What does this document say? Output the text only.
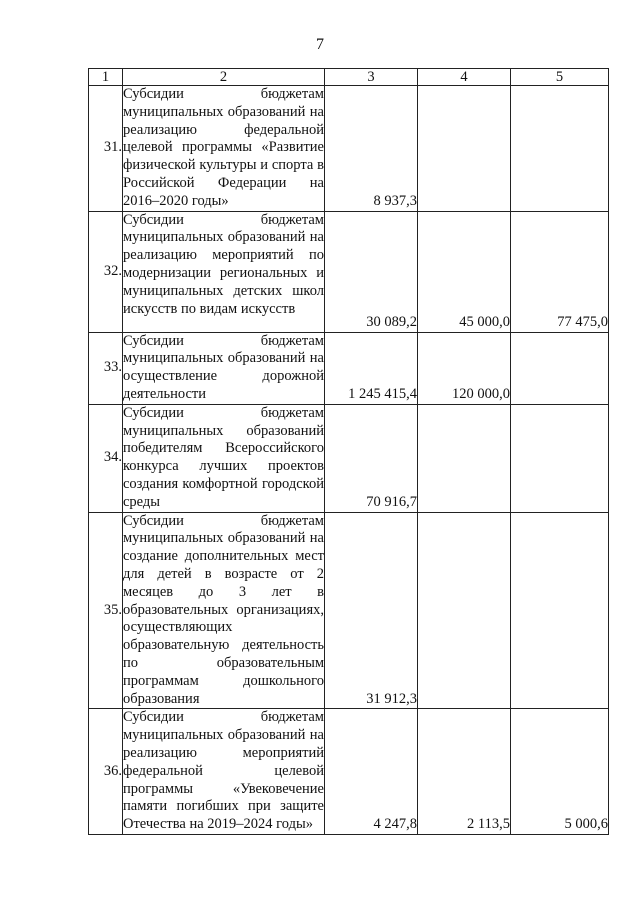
7
1	2	3	4	5
31.	Субсидии бюджетам муниципальных образований на реализацию федеральной целевой программы «Развитие физической культуры и спорта в Российской Федерации на 2016–2020 годы»	8 937,3		
32.	Субсидии бюджетам муниципальных образований на реализацию мероприятий по модернизации региональных и муниципальных детских школ искусств по видам искусств	30 089,2	45 000,0	77 475,0
33.	Субсидии бюджетам муниципальных образований на осуществление дорожной деятельности	1 245 415,4	120 000,0	
34.	Субсидии бюджетам муниципальных образований победителям Всероссийского конкурса лучших проектов создания комфортной городской среды	70 916,7		
35.	Субсидии бюджетам муниципальных образований на создание дополнительных мест для детей в возрасте от 2 месяцев до 3 лет в образовательных организациях, осуществляющих образовательную деятельность по образовательным программам дошкольного образования	31 912,3		
36.	Субсидии бюджетам муниципальных образований на реализацию мероприятий федеральной целевой программы «Увековечение памяти погибших при защите Отечества на 2019–2024 годы»	4 247,8	2 113,5	5 000,6
